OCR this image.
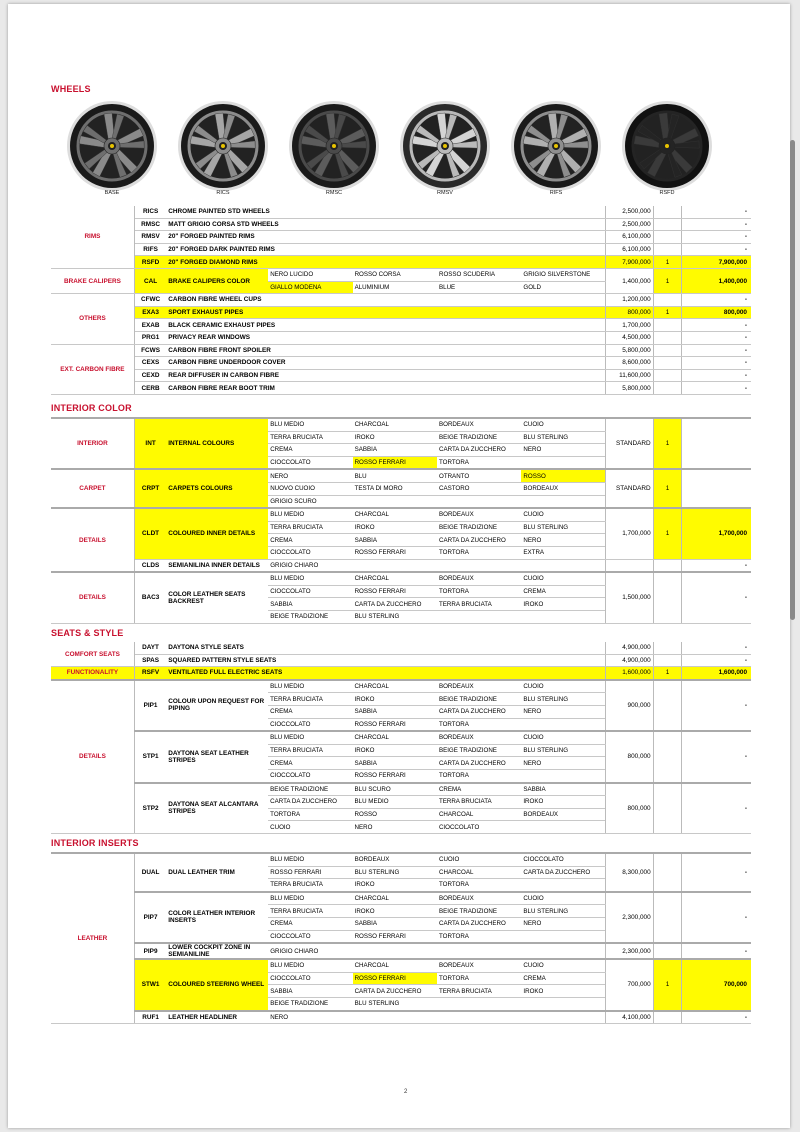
WHEELS
BASE	RICS	RMSC	RMSV	RIFS	RSFD
RIMS	RICS	CHROME PAINTED STD WHEELS					2,500,000		-
	RMSC	MATT GRIGIO CORSA STD WHEELS					2,500,000		-
	RMSV	20" FORGED PAINTED RIMS					6,100,000		-
	RIFS	20" FORGED DARK PAINTED RIMS					6,100,000		-
	RSFD	20" FORGED DIAMOND RIMS					7,900,000	1	7,900,000
BRAKE CALIPERS	CAL	BRAKE CALIPERS COLOR	NERO LUCIDO	ROSSO CORSA	ROSSO SCUDERIA	GRIGIO SILVERSTONE	1,400,000	1	1,400,000
			GIALLO MODENA	ALUMINIUM	BLUE	GOLD			
OTHERS	CFWC	CARBON FIBRE WHEEL CUPS					1,200,000		-
	EXA3	SPORT EXHAUST PIPES					800,000	1	800,000
	EXAB	BLACK CERAMIC EXHAUST PIPES					1,700,000		-
	PRG1	PRIVACY REAR WINDOWS					4,500,000		-
EXT. CARBON FIBRE	FCWS	CARBON FIBRE FRONT SPOILER					5,800,000		-
	CEXS	CARBON FIBRE UNDERDOOR COVER					8,600,000		-
	CEXD	REAR DIFFUSER IN CARBON FIBRE					11,600,000		-
	CERB	CARBON FIBRE REAR BOOT TRIM					5,800,000		-
INTERIOR COLOR
INTERIOR	INT	INTERNAL COLOURS	BLU MEDIO	CHARCOAL	BORDEAUX	CUOIO	STANDARD	1	
			TERRA BRUCIATA	IROKO	BEIGE TRADIZIONE	BLU STERLING			
			CREMA	SABBIA	CARTA DA ZUCCHERO	NERO			
			CIOCCOLATO	ROSSO FERRARI	TORTORA				
CARPET	CRPT	CARPETS COLOURS	NERO	BLU	OTRANTO	ROSSO	STANDARD	1	
			NUOVO CUOIO	TESTA DI MORO	CASTORO	BORDEAUX			
			GRIGIO SCURO						
DETAILS	CLDT	COLOURED INNER DETAILS	BLU MEDIO	CHARCOAL	BORDEAUX	CUOIO	1,700,000	1	1,700,000
			TERRA BRUCIATA	IROKO	BEIGE TRADIZIONE	BLU STERLING			
			CREMA	SABBIA	CARTA DA ZUCCHERO	NERO			
			CIOCCOLATO	ROSSO FERRARI	TORTORA	EXTRA			
	CLDS	SEMIANILINA INNER DETAILS	GRIGIO CHIARO						-
DETAILS	BAC3	COLOR LEATHER SEATS BACKREST	BLU MEDIO	CHARCOAL	BORDEAUX	CUOIO	1,500,000		-
			CIOCCOLATO	ROSSO FERRARI	TORTORA	CREMA			
			SABBIA	CARTA DA ZUCCHERO	TERRA BRUCIATA	IROKO			
			BEIGE TRADIZIONE	BLU STERLING					
SEATS & STYLE
COMFORT SEATS	DAYT	DAYTONA STYLE SEATS					4,900,000		-
	SPAS	SQUARED PATTERN STYLE SEATS					4,900,000		-
FUNCTIONALITY	RSFV	VENTILATED FULL ELECTRIC SEATS					1,600,000	1	1,600,000
DETAILS	PIP1	COLOUR UPON REQUEST FOR PIPING	BLU MEDIO	CHARCOAL	BORDEAUX	CUOIO	900,000		-
			TERRA BRUCIATA	IROKO	BEIGE TRADIZIONE	BLU STERLING			
			CREMA	SABBIA	CARTA DA ZUCCHERO	NERO			
			CIOCCOLATO	ROSSO FERRARI	TORTORA				
	STP1	DAYTONA SEAT LEATHER STRIPES	BLU MEDIO	CHARCOAL	BORDEAUX	CUOIO	800,000		-
			TERRA BRUCIATA	IROKO	BEIGE TRADIZIONE	BLU STERLING			
			CREMA	SABBIA	CARTA DA ZUCCHERO	NERO			
			CIOCCOLATO	ROSSO FERRARI	TORTORA				
	STP2	DAYTONA SEAT ALCANTARA STRIPES	BEIGE TRADIZIONE	BLU SCURO	CREMA	SABBIA	800,000		-
			CARTA DA ZUCCHERO	BLU MEDIO	TERRA BRUCIATA	IROKO			
			TORTORA	ROSSO	CHARCOAL	BORDEAUX			
			CUOIO	NERO	CIOCCOLATO				
INTERIOR INSERTS
LEATHER	DUAL	DUAL LEATHER TRIM	BLU MEDIO	BORDEAUX	CUOIO	CIOCCOLATO	8,300,000		-
			ROSSO FERRARI	BLU STERLING	CHARCOAL	CARTA DA ZUCCHERO			
			TERRA BRUCIATA	IROKO	TORTORA				
	PIP7	COLOR LEATHER INTERIOR INSERTS	BLU MEDIO	CHARCOAL	BORDEAUX	CUOIO	2,300,000		-
			TERRA BRUCIATA	IROKO	BEIGE TRADIZIONE	BLU STERLING			
			CREMA	SABBIA	CARTA DA ZUCCHERO	NERO			
			CIOCCOLATO	ROSSO FERRARI	TORTORA				
	PIP9	LOWER COCKPIT ZONE IN SEMIANILINE	GRIGIO CHIARO				2,300,000		-
	STW1	COLOURED STEERING WHEEL	BLU MEDIO	CHARCOAL	BORDEAUX	CUOIO	700,000	1	700,000
			CIOCCOLATO	ROSSO FERRARI	TORTORA	CREMA			
			SABBIA	CARTA DA ZUCCHERO	TERRA BRUCIATA	IROKO			
			BEIGE TRADIZIONE	BLU STERLING					
	RUF1	LEATHER HEADLINER	NERO				4,100,000		-
2
